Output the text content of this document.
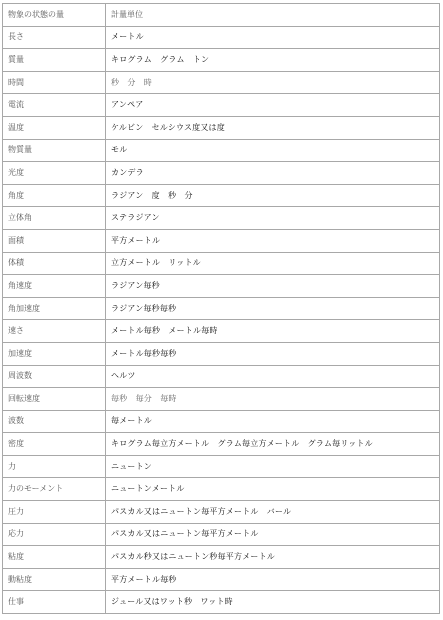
物象の状態の量	計量単位
長さ	メートル
質量	キログラム　グラム　トン
時間	秒　分　時
電流	アンペア
温度	ケルビン　セルシウス度又は度
物質量	モル
光度	カンデラ
角度	ラジアン　度　秒　分
立体角	ステラジアン
面積	平方メートル
体積	立方メートル　リットル
角速度	ラジアン毎秒
角加速度	ラジアン毎秒毎秒
速さ	メートル毎秒　メートル毎時
加速度	メートル毎秒毎秒
周波数	ヘルツ
回転速度	毎秒　毎分　毎時
波数	毎メートル
密度	キログラム毎立方メートル　グラム毎立方メートル　グラム毎リットル
力	ニュートン
力のモーメント	ニュートンメートル
圧力	パスカル又はニュートン毎平方メートル　バール
応力	パスカル又はニュートン毎平方メートル
粘度	パスカル秒又はニュートン秒毎平方メートル
動粘度	平方メートル毎秒
仕事	ジュール又はワット秒　ワット時
